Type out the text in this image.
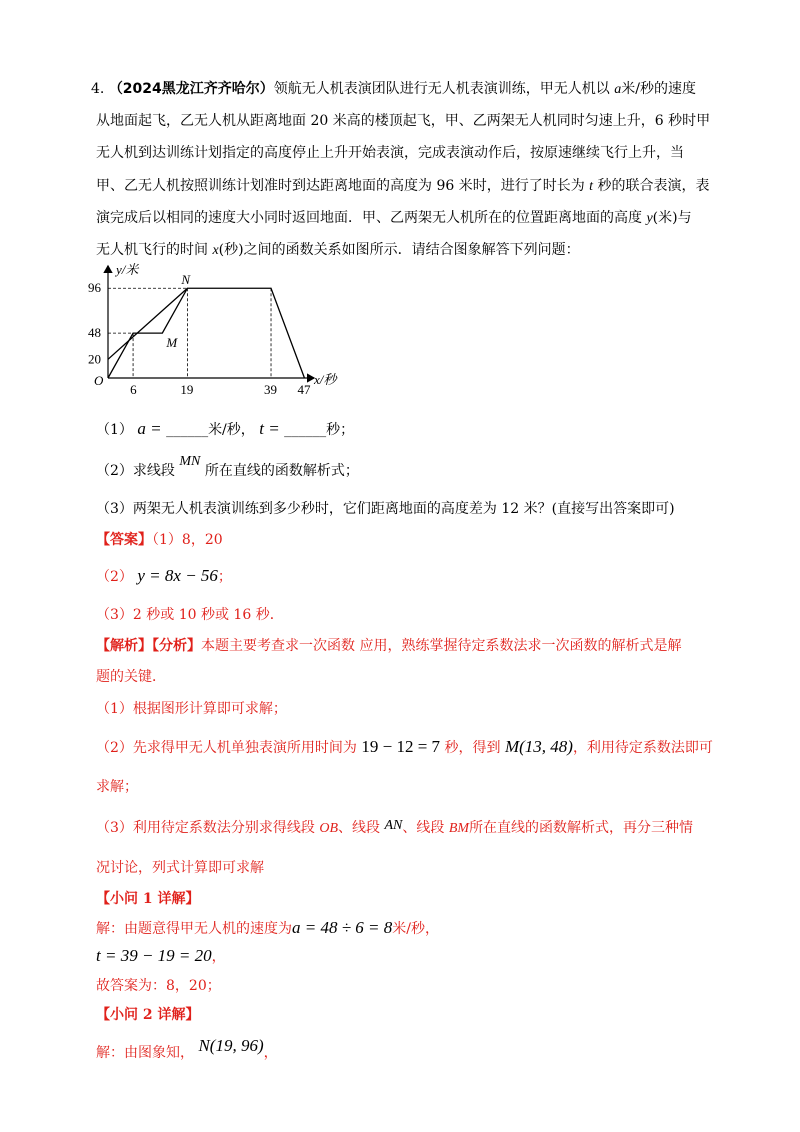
4. （2024黑龙江齐齐哈尔）领航无人机表演团队进行无人机表演训练，甲无人机以 a米/秒的速度
从地面起飞，乙无人机从距离地面 20 米高的楼顶起飞，甲、乙两架无人机同时匀速上升，6 秒时甲
无人机到达训练计划指定的高度停止上升开始表演，完成表演动作后，按原速继续飞行上升，当
甲、乙无人机按照训练计划准时到达距离地面的高度为 96 米时，进行了时长为 t 秒的联合表演，表
演完成后以相同的速度大小同时返回地面．甲、乙两架无人机所在的位置距离地面的高度 y(米)与
无人机飞行的时间 x(秒)之间的函数关系如图所示．请结合图象解答下列问题：
x/秒
y/米
O
6	19	39 47
20
48
96
N
M
（1） a = ______米/秒， t = ______秒；
（2）求线段 MN 所在直线的函数解析式；
（3）两架无人机表演训练到多少秒时，它们距离地面的高度差为 12 米？(直接写出答案即可)
【答案】（1）8，20
（2） y = 8x − 56；
（3）2 秒或 10 秒或 16 秒．
【解析】【分析】本题主要考查求一次函数 应用，熟练掌握待定系数法求一次函数的解析式是解
题的关键．
（1）根据图形计算即可求解；
（2）先求得甲无人机单独表演所用时间为 19 − 12 = 7 秒，得到 M(13, 48)，利用待定系数法即可
求解；
（3）利用待定系数法分别求得线段 OB、线段 AN、线段 BM所在直线的函数解析式，再分三种情
况讨论，列式计算即可求解
【小问 1 详解】
解：由题意得甲无人机的速度为a = 48 ÷ 6 = 8米/秒，
t = 39 − 19 = 20，
故答案为：8，20；
【小问 2 详解】
解：由图象知， N(19, 96)，
